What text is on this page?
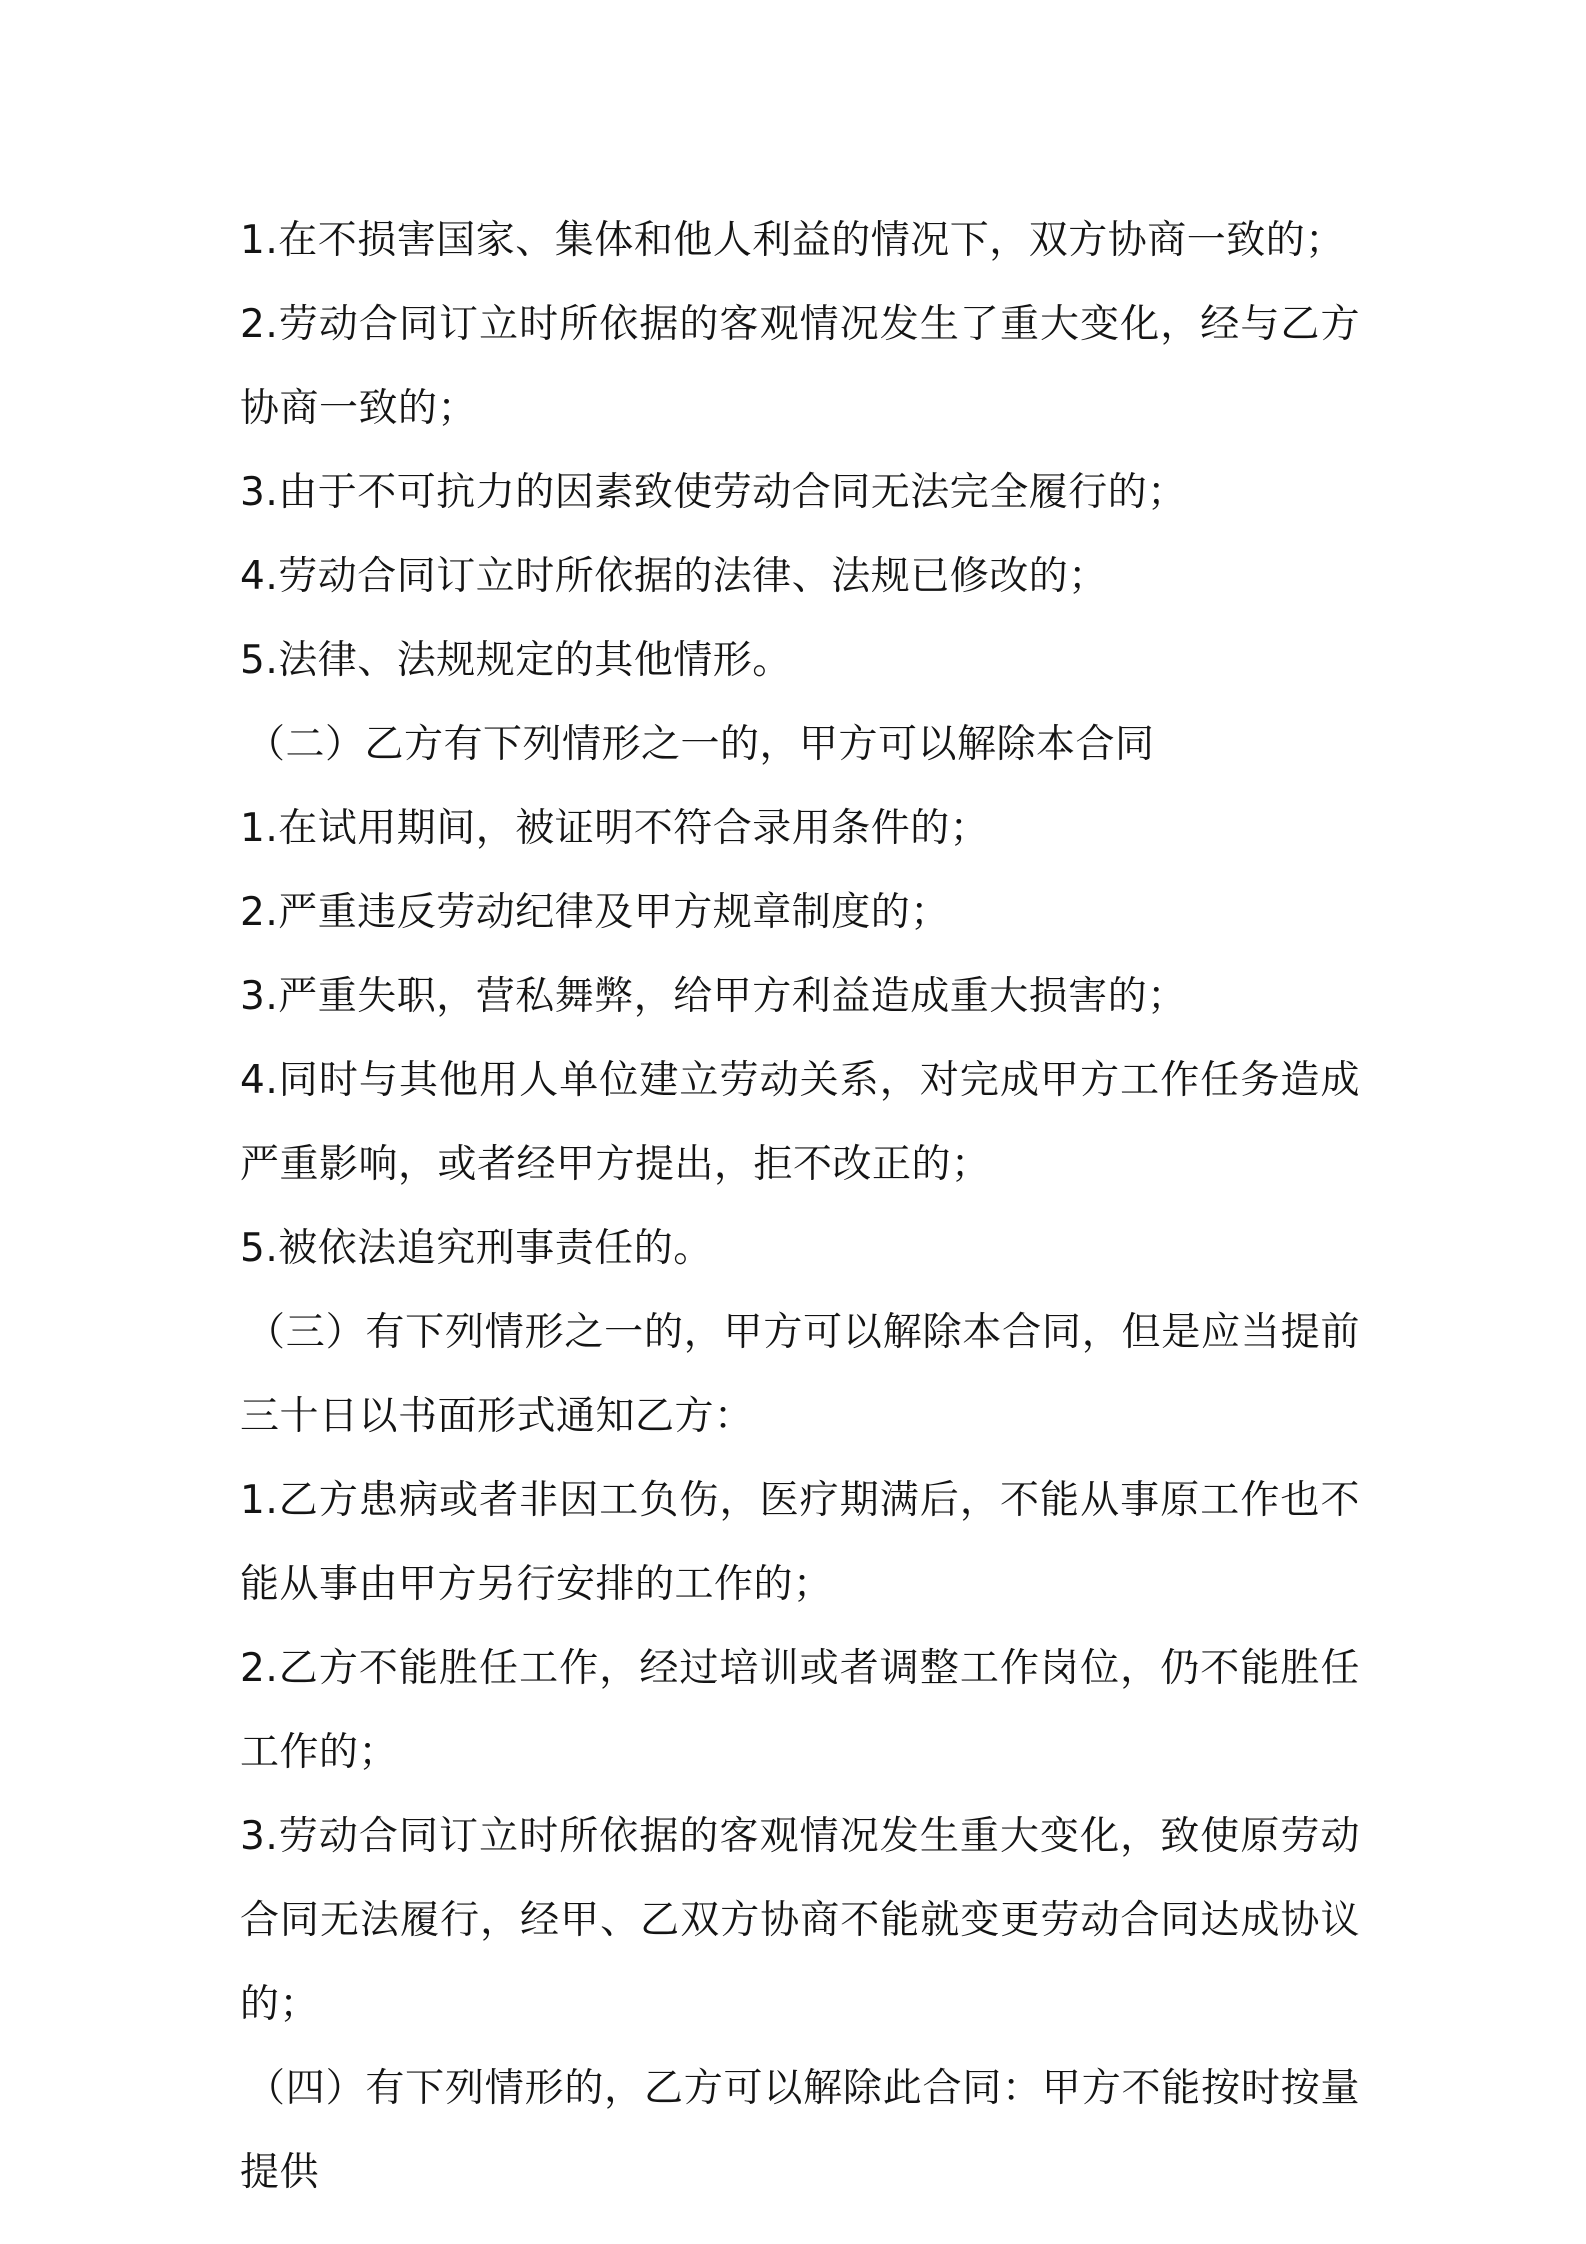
1.在不损害国家、集体和他人利益的情况下，双方协商一致的；

2.劳动合同订立时所依据的客观情况发生了重大变化，经与乙方协商一致的；

3.由于不可抗力的因素致使劳动合同无法完全履行的；

4.劳动合同订立时所依据的法律、法规已修改的；

5.法律、法规规定的其他情形。

（二）乙方有下列情形之一的，甲方可以解除本合同

1.在试用期间，被证明不符合录用条件的；

2.严重违反劳动纪律及甲方规章制度的；

3.严重失职，营私舞弊，给甲方利益造成重大损害的；

4.同时与其他用人单位建立劳动关系，对完成甲方工作任务造成严重影响，或者经甲方提出，拒不改正的；

5.被依法追究刑事责任的。

（三）有下列情形之一的，甲方可以解除本合同，但是应当提前三十日以书面形式通知乙方：

1.乙方患病或者非因工负伤，医疗期满后，不能从事原工作也不能从事由甲方另行安排的工作的；

2.乙方不能胜任工作，经过培训或者调整工作岗位，仍不能胜任工作的；

3.劳动合同订立时所依据的客观情况发生重大变化，致使原劳动合同无法履行，经甲、乙双方协商不能就变更劳动合同达成协议的；

（四）有下列情形的，乙方可以解除此合同：甲方不能按时按量提供
